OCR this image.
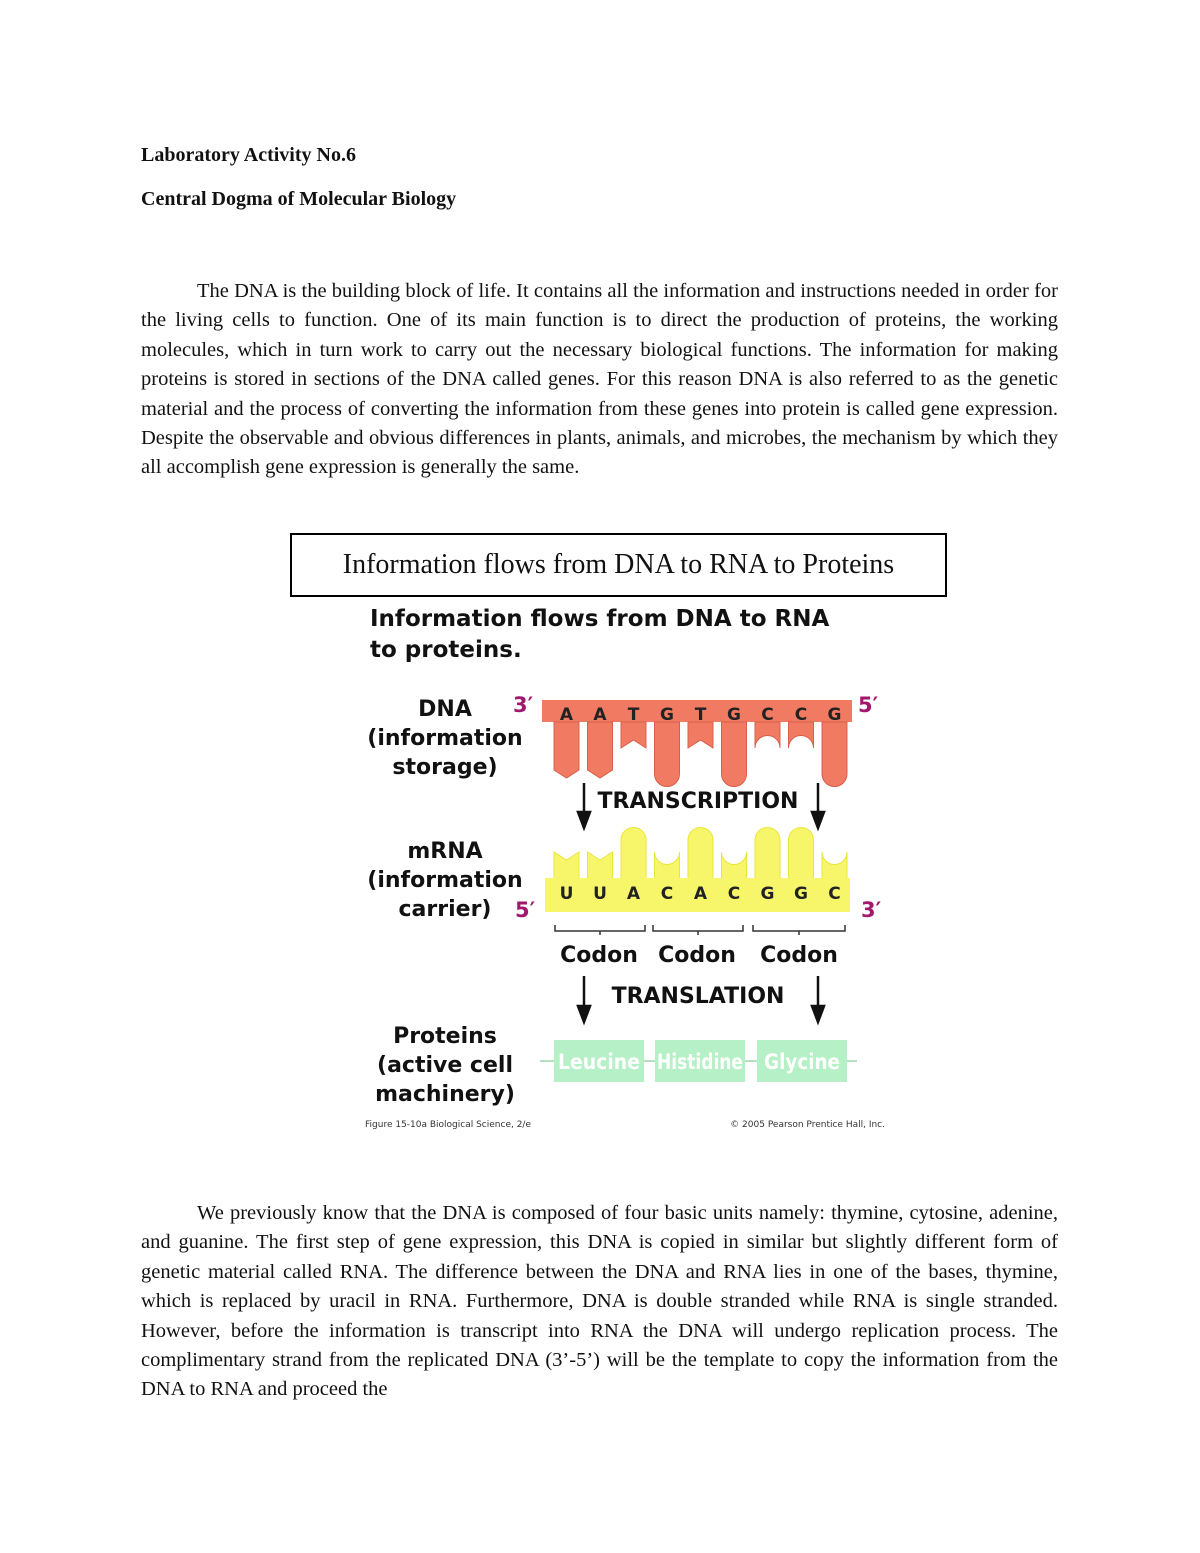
Laboratory Activity No.6

Central Dogma of Molecular Biology

The DNA is the building block of life. It contains all the information and instructions needed in order for the living cells to function. One of its main function is to direct the production of proteins, the working molecules, which in turn work to carry out the necessary biological functions. The information for making proteins is stored in sections of the DNA called genes. For this reason DNA is also referred to as the genetic material and the process of converting the information from these genes into protein is called gene expression. Despite the observable and obvious differences in plants, animals, and microbes, the mechanism by which they all accomplish gene expression is generally the same.

Information flows from DNA to RNA to Proteins
Information flows from DNA to RNA
to proteins.
DNA
(information
storage)
mRNA
(information
carrier)
Proteins
(active cell
machinery)
A A T G T G C C G
3′	5′
TRANSCRIPTION
U U A C A C G G C
5′	3′
Codon Codon Codon
TRANSLATION
Leucine Histidine Glycine
Figure 15-10a Biological Science, 2/e	© 2005 Pearson Prentice Hall, Inc.

We previously know that the DNA is composed of four basic units namely: thymine, cytosine, adenine, and guanine. The first step of gene expression, this DNA is copied in similar but slightly different form of genetic material called RNA. The difference between the DNA and RNA lies in one of the bases, thymine, which is replaced by uracil in RNA. Furthermore, DNA is double stranded while RNA is single stranded. However, before the information is transcript into RNA the DNA will undergo replication process. The complimentary strand from the replicated DNA (3’-5’) will be the template to copy the information from the DNA to RNA and proceed the
